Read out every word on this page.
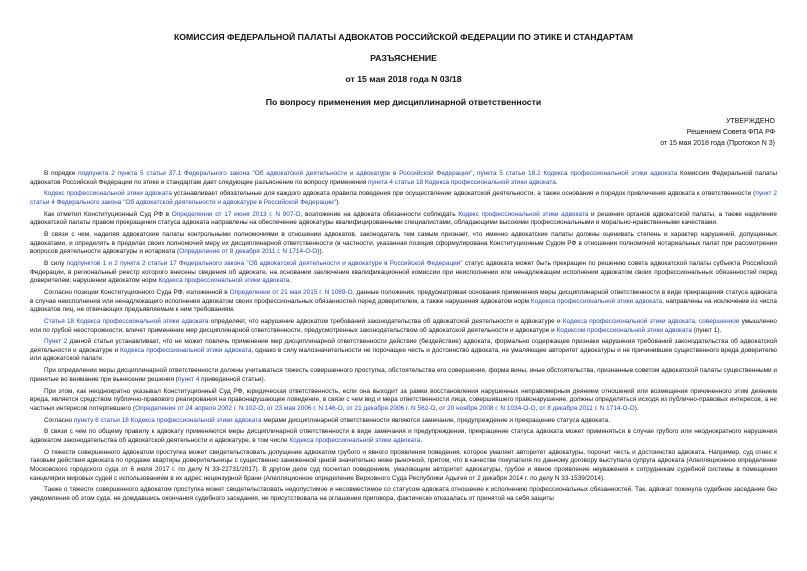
КОМИССИЯ ФЕДЕРАЛЬНОЙ ПАЛАТЫ АДВОКАТОВ РОССИЙСКОЙ ФЕДЕРАЦИИ ПО ЭТИКЕ И СТАНДАРТАМ
РАЗЪЯСНЕНИЕ
от 15 мая 2018 года N 03/18
По вопросу применения мер дисциплинарной ответственности
УТВЕРЖДЕНО
Решением Совета ФПА РФ
от 15 мая 2018 года (Протокол N 3)

В порядке подпункта 2 пункта 5 статьи 37.1 Федерального закона "Об адвокатской деятельности и адвокатуре в Российской Федерации", пункта 5 статьи 18.2 Кодекса профессиональной этики адвоката Комиссия Федеральной палаты адвокатов Российской Федерации по этике и стандартам дает следующее разъяснение по вопросу применения пункта 4 статьи 18 Кодекса профессиональной этики адвоката.

Кодекс профессиональной этики адвоката устанавливает обязательные для каждого адвоката правила поведения при осуществлении адвокатской деятельности, а также основания и порядок привлечения адвоката к ответственности (пункт 2 статьи 4 Федерального закона "Об адвокатской деятельности и адвокатуре в Российской Федерации").

Как отметил Конституционный Суд РФ в Определении от 17 июня 2013 г. N 907-О, возложение на адвоката обязанности соблюдать Кодекс профессиональной этики адвоката и решения органов адвокатской палаты, а также наделение адвокатской палаты правом прекращения статуса адвоката направлены на обеспечение адвокатуры квалифицированными специалистами, обладающими высокими профессиональными и морально-нравственными качествами.

В связи с чем, наделяя адвокатские палаты контрольными полномочиями в отношении адвокатов, законодатель тем самым признает, что именно адвокатские палаты должны оценивать степень и характер нарушений, допущенных адвокатами, и определять в пределах своих полномочий меру их дисциплинарной ответственности (в частности, указанная позиция сформулирована Конституционным Судом РФ в отношении полномочий нотариальных палат при рассмотрении вопросов деятельности адвокатуры и нотариата (Определение от 8 декабря 2011 г. N 1714-О-О)).

В силу подпунктов 1 и 2 пункта 2 статьи 17 Федерального закона "Об адвокатской деятельности и адвокатуре в Российской Федерации" статус адвоката может быть прекращен по решению совета адвокатской палаты субъекта Российской Федерации, в региональный реестр которого внесены сведения об адвокате, на основании заключения квалификационной комиссии при неисполнении или ненадлежащем исполнении адвокатом своих профессиональных обязанностей перед доверителем; нарушении адвокатом норм Кодекса профессиональной этики адвоката.

Согласно позиции Конституционного Суда РФ, изложенной в Определении от 21 мая 2015 г. N 1089-О, данные положения, предусматривая основания применения меры дисциплинарной ответственности в виде прекращения статуса адвоката в случае неисполнения или ненадлежащего исполнения адвокатом своих профессиональных обязанностей перед доверителем, а также нарушения адвокатом норм Кодекса профессиональной этики адвоката, направлены на исключение из числа адвокатов лиц, не отвечающих предъявляемым к ним требованиям.

Статья 18 Кодекса профессиональной этики адвоката определяет, что нарушение адвокатом требований законодательства об адвокатской деятельности и адвокатуре и Кодекса профессиональной этики адвоката, совершенное умышленно или по грубой неосторожности, влечет применение мер дисциплинарной ответственности, предусмотренных законодательством об адвокатской деятельности и адвокатуре и Кодексом профессиональной этики адвоката (пункт 1).

Пункт 2 данной статьи устанавливает, что не может повлечь применение мер дисциплинарной ответственности действие (бездействие) адвоката, формально содержащее признаки нарушения требований законодательства об адвокатской деятельности и адвокатуре и Кодекса профессиональной этики адвоката, однако в силу малозначительности не порочащее честь и достоинство адвоката, не умаляющее авторитет адвокатуры и не причинившее существенного вреда доверителю или адвокатской палате.

При определении меры дисциплинарной ответственности должны учитываться тяжесть совершенного проступка, обстоятельства его совершения, форма вины, иные обстоятельства, признанные советом адвокатской палаты существенными и принятые во внимание при вынесении решения (пункт 4 приведенной статьи).

При этом, как неоднократно указывал Конституционный Суд РФ, юридическая ответственность, если она выходит за рамки восстановления нарушенных неправомерным деянием отношений или возмещения причиненного этим деянием вреда, является средством публично-правового реагирования на правонарушающее поведение, в связи с чем вид и мера ответственности лица, совершившего правонарушение, должны определяться исходя из публично-правовых интересов, а не частных интересов потерпевшего (Определения от 24 апреля 2002 г. N 102-О, от 23 мая 2006 г. N 146-О, от 21 декабря 2006 г. N 562-О, от 20 ноября 2008 г. N 1034-О-О, от 8 декабря 2011 г. N 1714-О-О).

Согласно пункту 6 статьи 18 Кодекса профессиональной этики адвоката мерами дисциплинарной ответственности являются замечание, предупреждение и прекращение статуса адвоката.

В связи с чем по общему правилу к адвокату применяются меры дисциплинарной ответственности в виде замечания и предупреждения, прекращение статуса адвоката может применяться в случае грубого или неоднократного нарушения адвокатом законодательства об адвокатской деятельности и адвокатуре, в том числе Кодекса профессиональной этики адвоката.

О тяжести совершенного адвокатом проступка может свидетельствовать допущение адвокатом грубого и явного проявления поведения, которое умаляет авторитет адвокатуры, порочит честь и достоинство адвоката. Например, суд отнес к таковым действия адвоката по продаже квартиры доверительницы с существенно заниженной ценой значительно ниже рыночной, притом, что в качестве покупателя по данному договору выступала супруга адвоката (Апелляционное определение Московского городского суда от 6 июля 2017 г. по делу N 33-22731/2017). В другом деле суд посчитал поведением, умаляющим авторитет адвокатуры, грубое и явное проявление неуважения к сотрудникам судебной системы в помещении канцелярии мировых судей с использованием в их адрес нецензурной брани (Апелляционное определение Верховного Суда Республики Адыгея от 2 декабря 2014 г. по делу N 33-1539/2014).

Также о тяжести совершенного адвокатом проступка может свидетельствовать недопустимое и несовместимое со статусом адвоката отношение к исполнению профессиональных обязанностей. Так, адвокат покинула судебное заседание без уведомления об этом суда, не дождавшись окончания судебного заседания, не присутствовала на оглашении приговора, фактически отказалась от принятой на себя защиты
